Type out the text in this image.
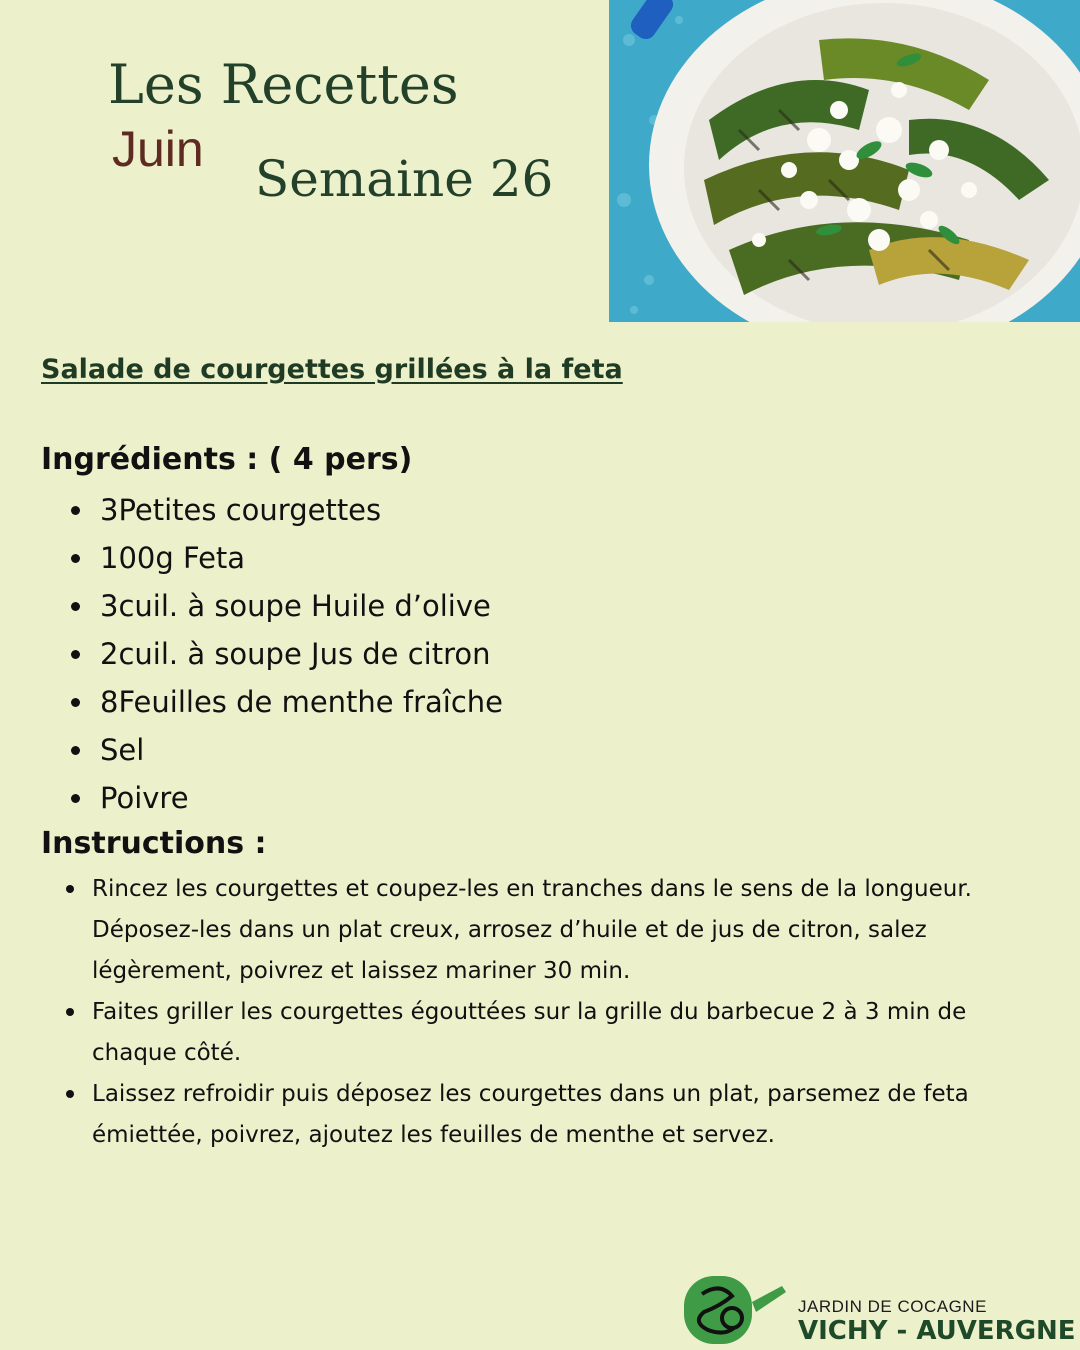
Les Recettes
Juin
Semaine 26
Salade de courgettes grillées à la feta
Ingrédients : ( 4 pers)
3Petites courgettes
100g Feta
3cuil. à soupe Huile d’olive
2cuil. à soupe Jus de citron
8Feuilles de menthe fraîche
Sel
Poivre
Instructions :
Rincez les courgettes et coupez-les en tranches dans le sens de la longueur. Déposez-les dans un plat creux, arrosez d’huile et de jus de citron, salez légèrement, poivrez et laissez mariner 30 min.
Faites griller les courgettes égouttées sur la grille du barbecue 2 à 3 min de chaque côté.
Laissez refroidir puis déposez les courgettes dans un plat, parsemez de feta émiettée, poivrez, ajoutez les feuilles de menthe et servez.
JARDIN DE COCAGNE
VICHY - AUVERGNE
